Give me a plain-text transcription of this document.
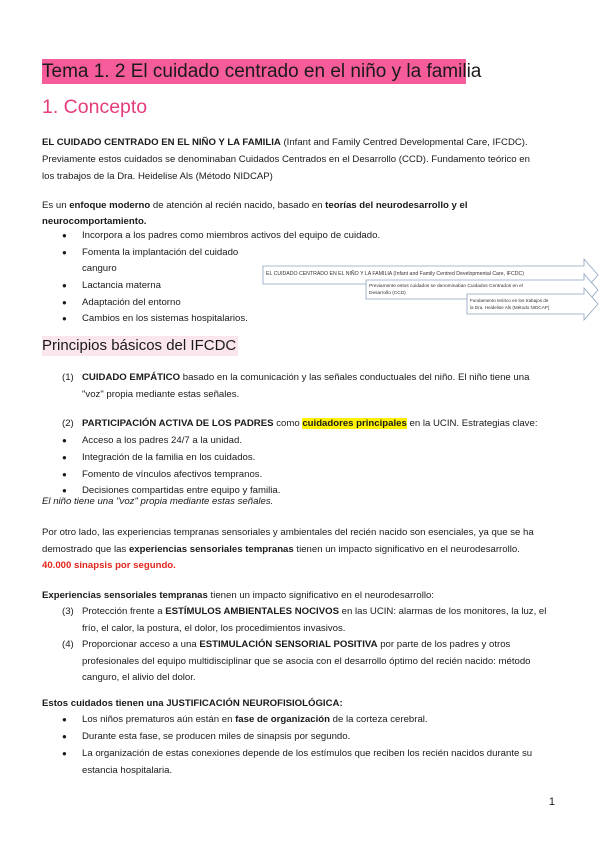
Tema 1. 2 El cuidado centrado en el niño y la familia
1. Concepto
EL CUIDADO CENTRADO EN EL NIÑO Y LA FAMILIA (Infant and Family Centred Developmental Care, IFCDC).
Previamente estos cuidados se denominaban Cuidados Centrados en el Desarrollo (CCD). Fundamento teórico en
los trabajos de la Dra. Heidelise Als (Método NIDCAP)
Es un enfoque moderno de atención al recién nacido, basado en teorías del neurodesarrollo y el
neurocomportamiento.
● Incorpora a los padres como miembros activos del equipo de cuidado.
● Fomenta la implantación del cuidado
canguro
● Lactancia materna
● Adaptación del entorno
● Cambios en los sistemas hospitalarios.
EL CUIDADO CENTRADO EN EL NIÑO Y LA FAMILIA (Infant and Family Centred Developmental Care, IFCDC)
Previamente estos cuidados se denominaban Cuidados Centrados en el
Desarrollo (CCD)
Fundamento teórico en los trabajos de
la Dra. Heidelise Als (Método NIDCAP)
Principios básicos del IFCDC
(1) CUIDADO EMPÁTICO basado en la comunicación y las señales conductuales del niño. El niño tiene una
"voz" propia mediante estas señales.
(2) PARTICIPACIÓN ACTIVA DE LOS PADRES como cuidadores principales en la UCIN. Estrategias clave:
● Acceso a los padres 24/7 a la unidad.
● Integración de la familia en los cuidados.
● Fomento de vínculos afectivos tempranos.
● Decisiones compartidas entre equipo y familia.
El niño tiene una "voz" propia mediante estas señales.
Por otro lado, las experiencias tempranas sensoriales y ambientales del recién nacido son esenciales, ya que se ha
demostrado que las experiencias sensoriales tempranas tienen un impacto significativo en el neurodesarrollo.
40.000 sinapsis por segundo.
Experiencias sensoriales tempranas tienen un impacto significativo en el neurodesarrollo:
(3) Protección frente a ESTÍMULOS AMBIENTALES NOCIVOS en las UCIN: alarmas de los monitores, la luz, el
frío, el calor, la postura, el dolor, los procedimientos invasivos.
(4) Proporcionar acceso a una ESTIMULACIÓN SENSORIAL POSITIVA por parte de los padres y otros
profesionales del equipo multidisciplinar que se asocia con el desarrollo óptimo del recién nacido: método
canguro, el alivio del dolor.
Estos cuidados tienen una JUSTIFICACIÓN NEUROFISIOLÓGICA:
● Los niños prematuros aún están en fase de organización de la corteza cerebral.
● Durante esta fase, se producen miles de sinapsis por segundo.
● La organización de estas conexiones depende de los estímulos que reciben los recién nacidos durante su
estancia hospitalaria.
1
